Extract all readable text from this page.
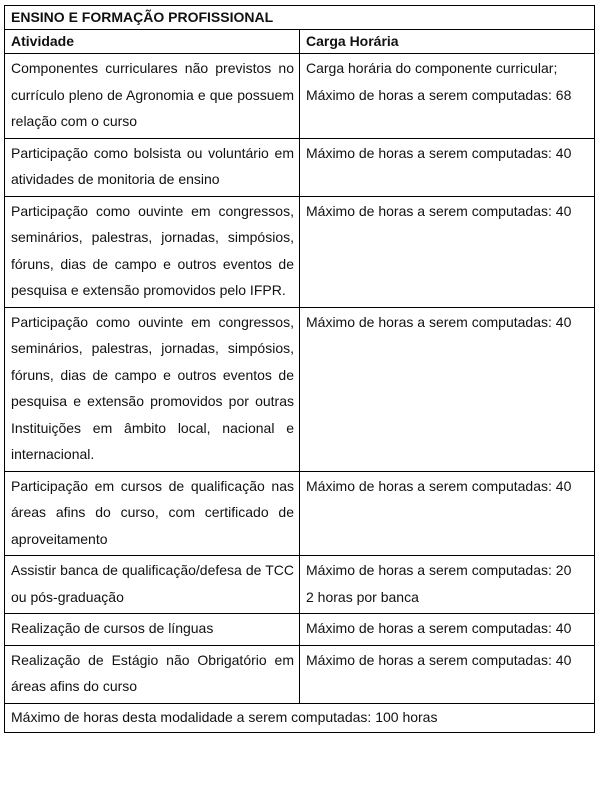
ENSINO E FORMAÇÃO PROFISSIONAL	
Atividade	Carga Horária
Componentes curriculares não previstos no currículo pleno de Agronomia e que possuem relação com o curso	Carga horária do componente curricular;
Máximo de horas a serem computadas: 68

Participação como bolsista ou voluntário em atividades de monitoria de ensino	Máximo de horas a serem computadas: 40

Participação como ouvinte em congressos, seminários, palestras, jornadas, simpósios, fóruns, dias de campo e outros eventos de pesquisa e extensão promovidos pelo IFPR.	Máximo de horas a serem computadas: 40

Participação como ouvinte em congressos, seminários, palestras, jornadas, simpósios, fóruns, dias de campo e outros eventos de pesquisa e extensão promovidos por outras Instituições em âmbito local, nacional e internacional.	Máximo de horas a serem computadas: 40

Participação em cursos de qualificação nas áreas afins do curso, com certificado de aproveitamento	Máximo de horas a serem computadas: 40

Assistir banca de qualificação/defesa de TCC ou pós-graduação	Máximo de horas a serem computadas: 20
2 horas por banca

Realização de cursos de línguas	Máximo de horas a serem computadas: 40

Realização de Estágio não Obrigatório em áreas afins do curso	Máximo de horas a serem computadas: 40

Máximo de horas desta modalidade a serem computadas: 100 horas	
